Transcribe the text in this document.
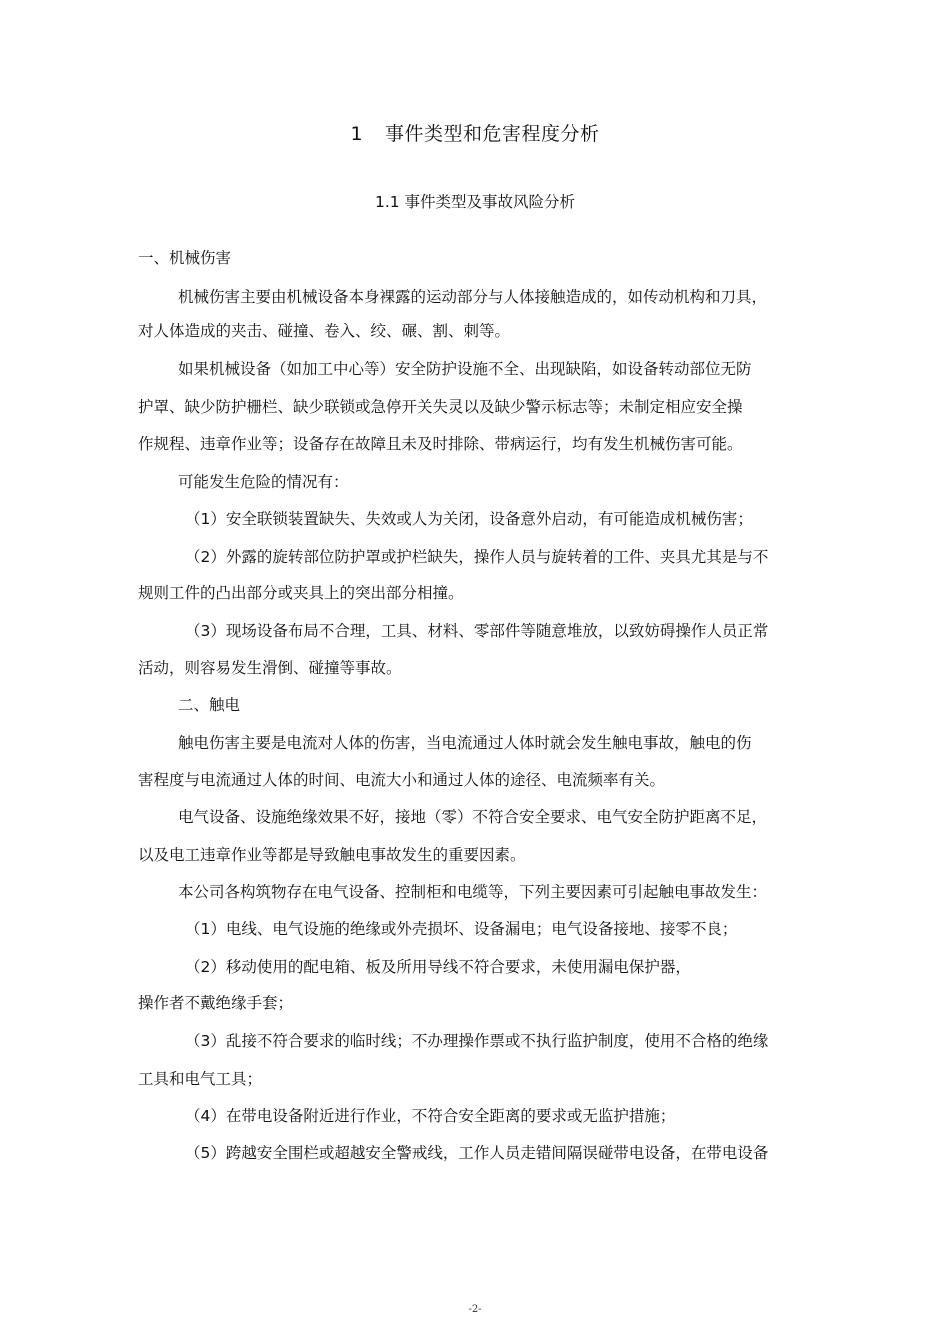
1 事件类型和危害程度分析
1.1 事件类型及事故风险分析
一、机械伤害
机械伤害主要由机械设备本身裸露的运动部分与人体接触造成的，如传动机构和刀具，
对人体造成的夹击、碰撞、卷入、绞、碾、割、刺等。
如果机械设备（如加工中心等）安全防护设施不全、出现缺陷，如设备转动部位无防
护罩、缺少防护栅栏、缺少联锁或急停开关失灵以及缺少警示标志等；未制定相应安全操
作规程、违章作业等；设备存在故障且未及时排除、带病运行，均有发生机械伤害可能。
可能发生危险的情况有：
（1）安全联锁装置缺失、失效或人为关闭，设备意外启动，有可能造成机械伤害；
（2）外露的旋转部位防护罩或护栏缺失，操作人员与旋转着的工件、夹具尤其是与不
规则工件的凸出部分或夹具上的突出部分相撞。
（3）现场设备布局不合理，工具、材料、零部件等随意堆放，以致妨碍操作人员正常
活动，则容易发生滑倒、碰撞等事故。
二、触电
触电伤害主要是电流对人体的伤害，当电流通过人体时就会发生触电事故，触电的伤
害程度与电流通过人体的时间、电流大小和通过人体的途径、电流频率有关。
电气设备、设施绝缘效果不好，接地（零）不符合安全要求、电气安全防护距离不足，
以及电工违章作业等都是导致触电事故发生的重要因素。
本公司各构筑物存在电气设备、控制柜和电缆等，下列主要因素可引起触电事故发生：
（1）电线、电气设施的绝缘或外壳损坏、设备漏电；电气设备接地、接零不良；
（2）移动使用的配电箱、板及所用导线不符合要求，未使用漏电保护器，
操作者不戴绝缘手套；
（3）乱接不符合要求的临时线；不办理操作票或不执行监护制度，使用不合格的绝缘
工具和电气工具；
（4）在带电设备附近进行作业，不符合安全距离的要求或无监护措施；
（5）跨越安全围栏或超越安全警戒线，工作人员走错间隔误碰带电设备，在带电设备
-2-
